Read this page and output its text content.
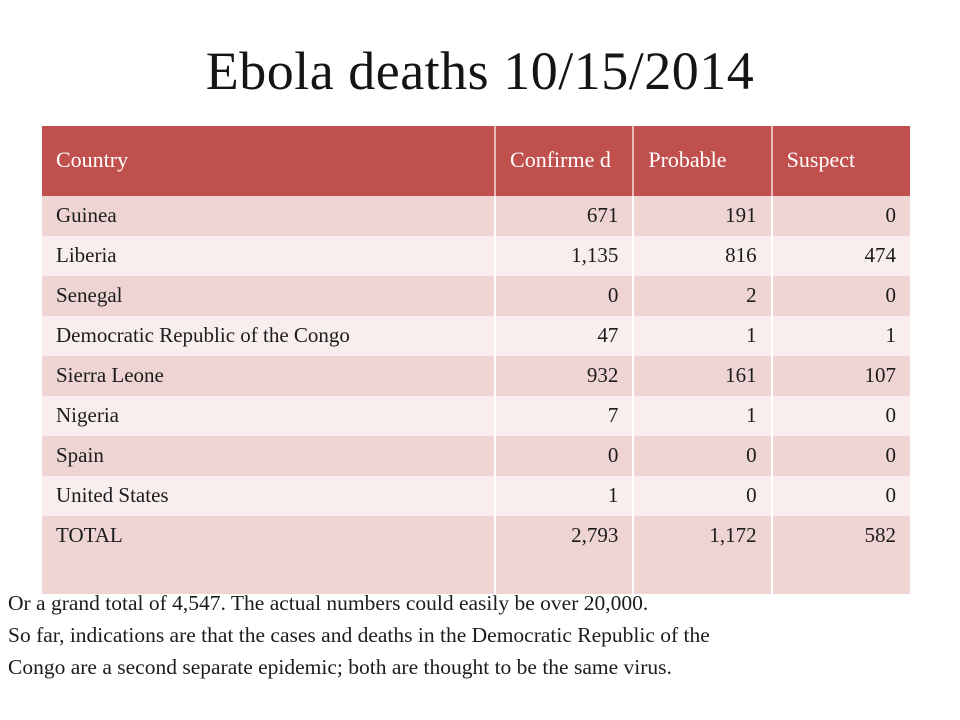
Ebola deaths 10/15/2014
Country	Confirme d	Probable	Suspect
Guinea	671	191	0
Liberia	1,135	816	474
Senegal	0	2	0
Democratic Republic of the Congo	47	1	1
Sierra Leone	932	161	107
Nigeria	7	1	0
Spain	0	0	0
United States	1	0	0
TOTAL	2,793	1,172	582

Or a grand total of 4,547. The actual numbers could easily be over 20,000.

So far, indications are that the cases and deaths in the Democratic Republic of the

Congo are a second separate epidemic; both are thought to be the same virus.
